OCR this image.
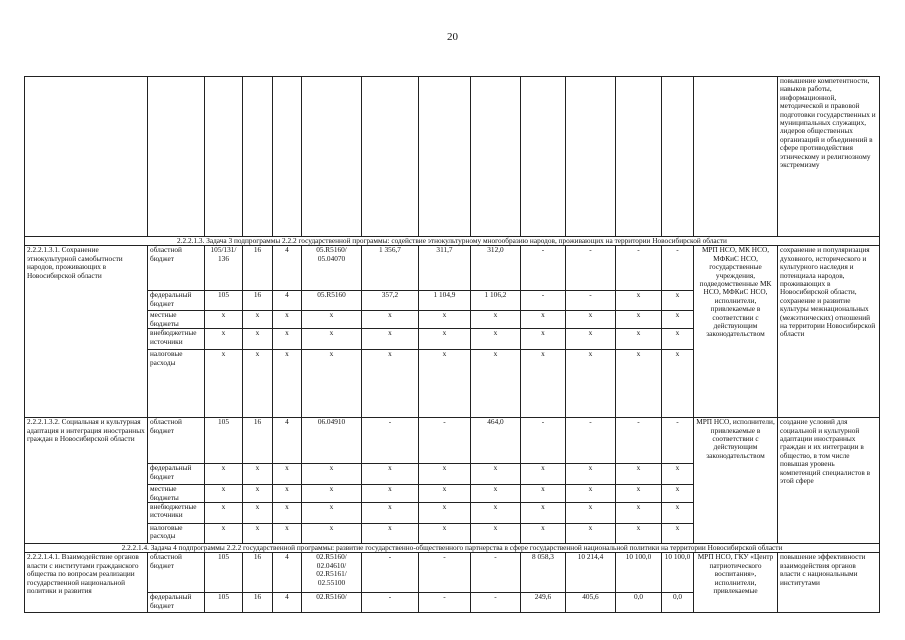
20
														повышение компетентности, навыков работы, информационной, методической и правовой подготовки государственных и муниципальных служащих, лидеров общественных организаций и объединений в сфере противодействия этническому и религиозному экстремизму
2.2.2.1.3. Задача 3 подпрограммы 2.2.2 государственной программы: содействие этнокультурному многообразию народов, проживающих на территории Новосибирской области														
2.2.2.1.3.1. Сохранение этнокультурной самобытности народов, проживающих в Новосибирской области	областной бюджет	105/131/ 136	16	4	05.R5160/ 05.04070	1 356,7	311,7	312,0	-	-	-	-	МРП НСО, МК НСО, МФКиС НСО, государственные учреждения, подведомственные МК НСО, МФКиС НСО, исполнители, привлекаемые в соответствии с действующим законодательством	сохранение и популяризация духовного, исторического и культурного наследия и потенциала народов, проживающих в Новосибирской области, сохранение и развитие культуры межнациональных (межэтнических) отношений на территории Новосибирской области
	федеральный бюджет	105	16	4	05.R5160	357,2	1 104,9	1 106,2	-	-	x	x		
	местные бюджеты	x	x	x	x	x	x	x	x	x	x	x		
	внебюджетные источники	x	x	x	x	x	x	x	x	x	x	x		
	налоговые расходы	x	x	x	x	x	x	x	x	x	x	x		
2.2.2.1.3.2. Социальная и культурная адаптация и интеграция иностранных граждан в Новосибирской области	областной бюджет	105	16	4	06.04910	-	-	464,0	-	-	-	-	МРП НСО, исполнители, привлекаемые в соответствии с действующим законодательством	создание условий для социальной и культурной адаптации иностранных граждан и их интеграции в общество, в том числе повышая уровень компетенций специалистов в этой сфере
	федеральный бюджет	x	x	x	x	x	x	x	x	x	x	x		
	местные бюджеты	x	x	x	x	x	x	x	x	x	x	x		
	внебюджетные источники	x	x	x	x	x	x	x	x	x	x	x		
	налоговые расходы	x	x	x	x	x	x	x	x	x	x	x		
2.2.2.1.4. Задача 4 подпрограммы 2.2.2 государственной программы: развитие государственно-общественного партнерства в сфере государственной национальной политики на территории Новосибирской области														
2.2.2.1.4.1. Взаимодействие органов власти с институтами гражданского общества по вопросам реализации государственной национальной политики и развития	областной бюджет	105	16	4	02.R5160/ 02.04610/ 02.R5161/ 02.55100	-	-	-	8 058,3	10 214,4	10 100,0	10 100,0	МРП НСО, ГКУ «Центр патриотического воспитания», исполнители, привлекаемые	повышение эффективности взаимодействия органов власти с национальными институтами
	федеральный бюджет	105	16	4	02.R5160/	-	-	-	249,6	405,6	0,0	0,0		
